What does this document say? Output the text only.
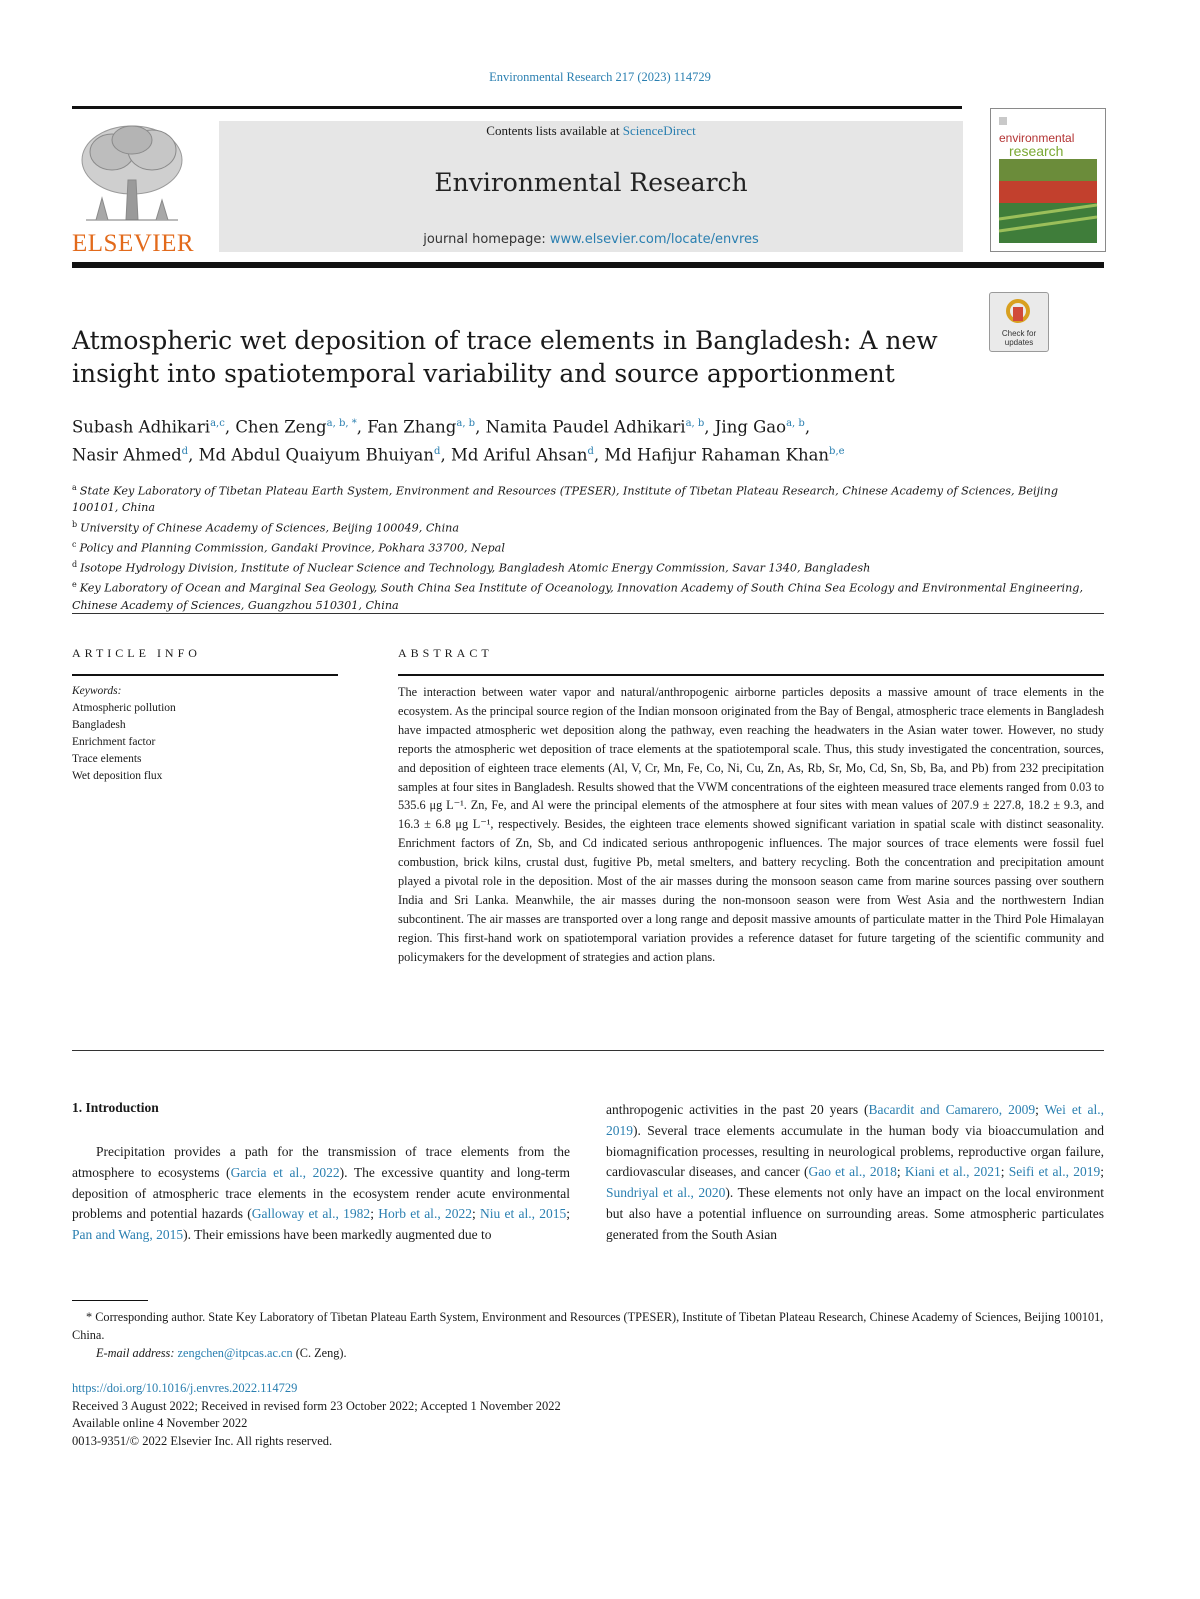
Environmental Research 217 (2023) 114729
ELSEVIER
Contents lists available at ScienceDirect
Environmental Research
journal homepage: www.elsevier.com/locate/envres
environmental
research
Check for updates
Atmospheric wet deposition of trace elements in Bangladesh: A new insight into spatiotemporal variability and source apportionment
Subash Adhikari$^{a,c}$, Chen Zeng$^{a, b, *}$, Fan Zhang$^{a, b}$, Namita Paudel Adhikari$^{a, b}$, Jing Gao$^{a, b}$,
Nasir Ahmed$^d$, Md Abdul Quaiyum Bhuiyan$^d$, Md Ariful Ahsan$^d$, Md Hafijur Rahaman Khan$^{b,e}$

$^a$ State Key Laboratory of Tibetan Plateau Earth System, Environment and Resources (TPESER), Institute of Tibetan Plateau Research, Chinese Academy of Sciences, Beijing 100101, China

$^b$ University of Chinese Academy of Sciences, Beijing 100049, China

$^c$ Policy and Planning Commission, Gandaki Province, Pokhara 33700, Nepal

$^d$ Isotope Hydrology Division, Institute of Nuclear Science and Technology, Bangladesh Atomic Energy Commission, Savar 1340, Bangladesh

$^e$ Key Laboratory of Ocean and Marginal Sea Geology, South China Sea Institute of Oceanology, Innovation Academy of South China Sea Ecology and Environmental Engineering, Chinese Academy of Sciences, Guangzhou 510301, China

ARTICLE INFO	ABSTRACT

Keywords:

Atmospheric pollution

Bangladesh

Enrichment factor

Trace elements

Wet deposition flux

The interaction between water vapor and natural/anthropogenic airborne particles deposits a massive amount of trace elements in the ecosystem. As the principal source region of the Indian monsoon originated from the Bay of Bengal, atmospheric trace elements in Bangladesh have impacted atmospheric wet deposition along the pathway, even reaching the headwaters in the Asian water tower. However, no study reports the atmospheric wet deposition of trace elements at the spatiotemporal scale. Thus, this study investigated the concentration, sources, and deposition of eighteen trace elements (Al, V, Cr, Mn, Fe, Co, Ni, Cu, Zn, As, Rb, Sr, Mo, Cd, Sn, Sb, Ba, and Pb) from 232 precipitation samples at four sites in Bangladesh. Results showed that the VWM concentrations of the eighteen measured trace elements ranged from 0.03 to 535.6 μg L⁻¹. Zn, Fe, and Al were the principal elements of the atmosphere at four sites with mean values of 207.9 ± 227.8, 18.2 ± 9.3, and 16.3 ± 6.8 μg L⁻¹, respectively. Besides, the eighteen trace elements showed significant variation in spatial scale with distinct seasonality. Enrichment factors of Zn, Sb, and Cd indicated serious anthropogenic influences. The major sources of trace elements were fossil fuel combustion, brick kilns, crustal dust, fugitive Pb, metal smelters, and battery recycling. Both the concentration and precipitation amount played a pivotal role in the deposition. Most of the air masses during the monsoon season came from marine sources passing over southern India and Sri Lanka. Meanwhile, the air masses during the non-monsoon season were from West Asia and the northwestern Indian subcontinent. The air masses are transported over a long range and deposit massive amounts of particulate matter in the Third Pole Himalayan region. This first-hand work on spatiotemporal variation provides a reference dataset for future targeting of the scientific community and policymakers for the development of strategies and action plans.

1. Introduction

Precipitation provides a path for the transmission of trace elements from the atmosphere to ecosystems (Garcia et al., 2022). The excessive quantity and long-term deposition of atmospheric trace elements in the ecosystem render acute environmental problems and potential hazards (Galloway et al., 1982; Horb et al., 2022; Niu et al., 2015; Pan and Wang, 2015). Their emissions have been markedly augmented due to

anthropogenic activities in the past 20 years (Bacardit and Camarero, 2009; Wei et al., 2019). Several trace elements accumulate in the human body via bioaccumulation and biomagnification processes, resulting in neurological problems, reproductive organ failure, cardiovascular diseases, and cancer (Gao et al., 2018; Kiani et al., 2021; Seifi et al., 2019; Sundriyal et al., 2020). These elements not only have an impact on the local environment but also have a potential influence on surrounding areas. Some atmospheric particulates generated from the South Asian

* Corresponding author. State Key Laboratory of Tibetan Plateau Earth System, Environment and Resources (TPESER), Institute of Tibetan Plateau Research, Chinese Academy of Sciences, Beijing 100101, China.

E-mail address: zengchen@itpcas.ac.cn (C. Zeng).
https://doi.org/10.1016/j.envres.2022.114729
Received 3 August 2022; Received in revised form 23 October 2022; Accepted 1 November 2022
Available online 4 November 2022
0013-9351/© 2022 Elsevier Inc. All rights reserved.
